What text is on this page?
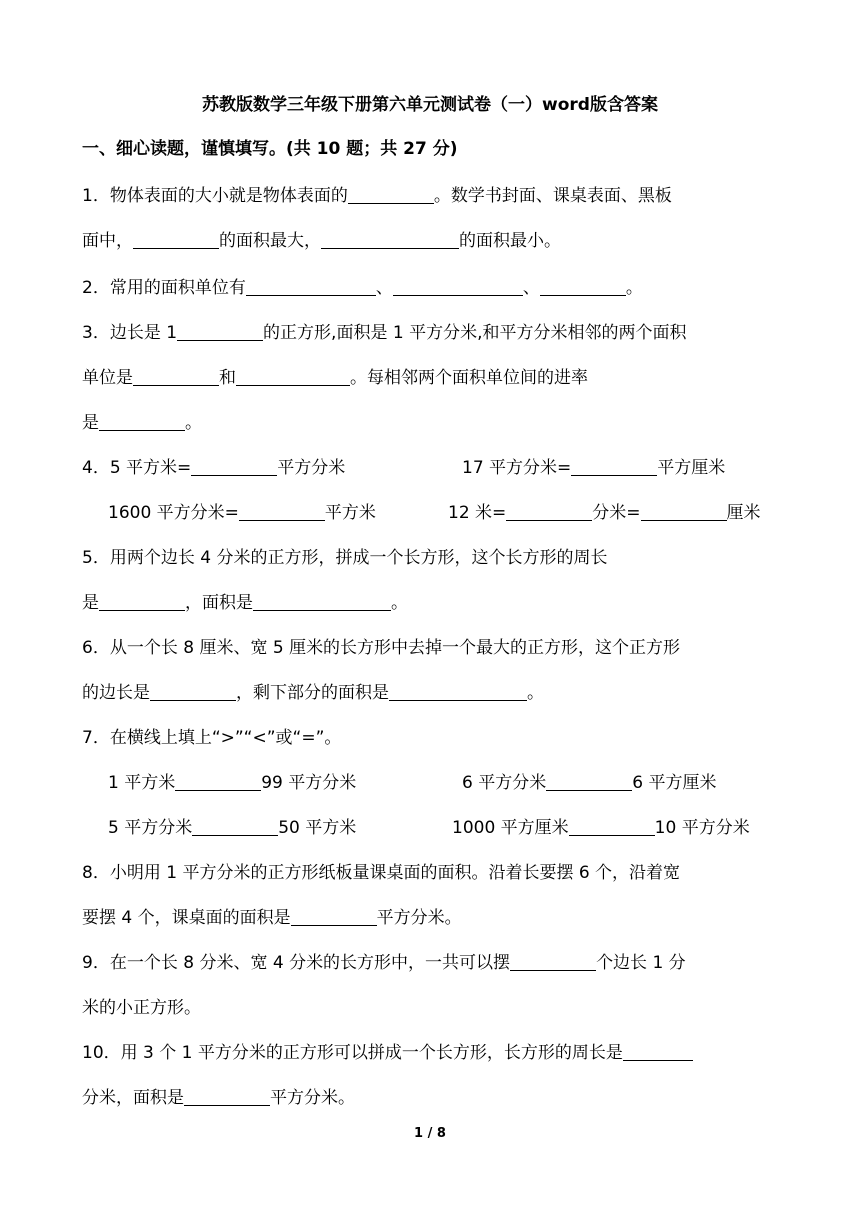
苏教版数学三年级下册第六单元测试卷（一）word版含答案
一、细心读题，谨慎填写。(共 10 题；共 27 分)
1．物体表面的大小就是物体表面的	。数学书封面、课桌表面、黑板
面中，	的面积最大，	的面积最小。
2．常用的面积单位有	、	、	。
3．边长是 1	的正方形,面积是 1 平方分米,和平方分米相邻的两个面积
单位是	和	。每相邻两个面积单位间的进率
是	。
4．5 平方米=	平方分米	17 平方分米=	平方厘米
1600 平方分米=	平方米	12 米=	分米=	厘米
5．用两个边长 4 分米的正方形，拼成一个长方形，这个长方形的周长
是	，面积是	。
6．从一个长 8 厘米、宽 5 厘米的长方形中去掉一个最大的正方形，这个正方形
的边长是	，剩下部分的面积是	。
7．在横线上填上“>”“<”或“=”。
1 平方米	99 平方分米	6 平方分米	6 平方厘米
5 平方分米	50 平方米	1000 平方厘米	10 平方分米
8．小明用 1 平方分米的正方形纸板量课桌面的面积。沿着长要摆 6 个，沿着宽
要摆 4 个，课桌面的面积是	平方分米。
9．在一个长 8 分米、宽 4 分米的长方形中，一共可以摆	个边长 1 分
米的小正方形。
10．用 3 个 1 平方分米的正方形可以拼成一个长方形，长方形的周长是
分米，面积是	平方分米。
1 / 8
